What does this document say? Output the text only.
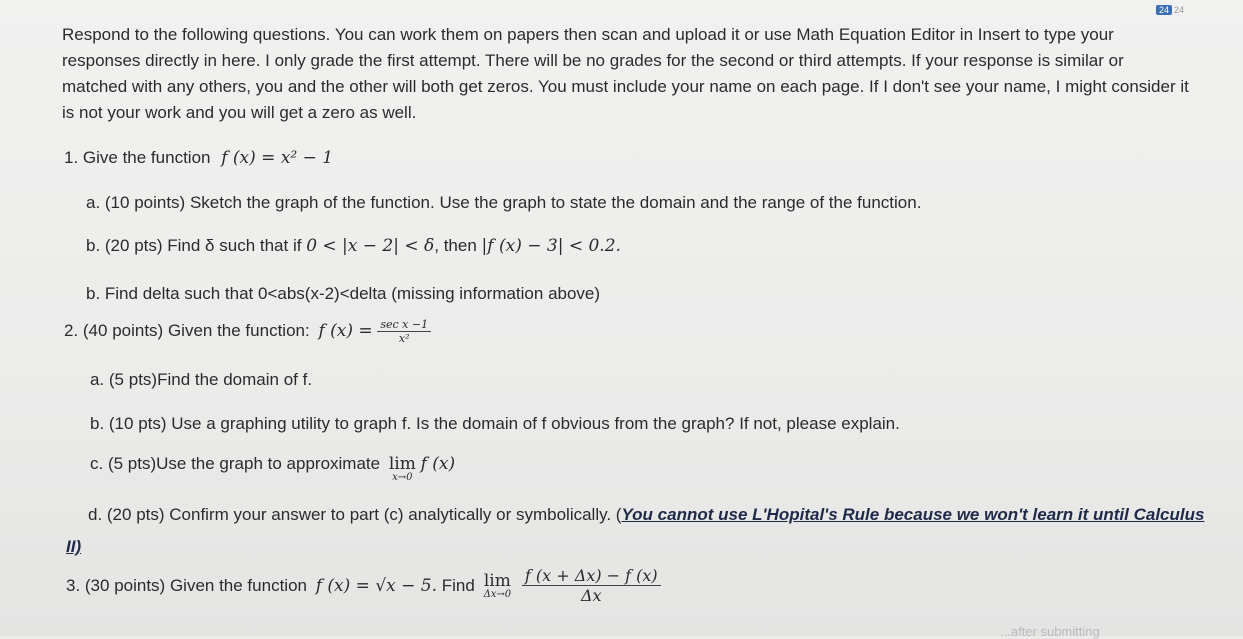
24 24
Respond to the following questions. You can work them on papers then scan and upload it or use Math Equation Editor in Insert to type your responses directly in here. I only grade the first attempt. There will be no grades for the second or third attempts. If your response is similar or matched with any others, you and the other will both get zeros. You must include your name on each page. If I don't see your name, I might consider it is not your work and you will get a zero as well.
1. Give the function f (x) = x² − 1
a. (10 points) Sketch the graph of the function. Use the graph to state the domain and the range of the function.
b. (20 pts) Find δ such that if 0 < |x − 2| < δ, then |f (x) − 3| < 0.2.
b. Find delta such that 0<abs(x-2)<delta (missing information above)
2. (40 points) Given the function: f $(x) = \frac{\text{sec x −1}}{\text{x²}}$
a. (5 pts)Find the domain of f.
b. (10 pts) Use a graphing utility to graph f. Is the domain of f obvious from the graph? If not, please explain.
c. (5 pts)Use the graph to approximate lim
x→0
f (x)
d. (20 pts) Confirm your answer to part (c) analytically or symbolically. (You cannot use L'Hopital's Rule because we won't learn it until Calculus
II)
3. (30 points) Given the function f (x) = √x − 5. Find lim
Δx→0
$\frac{f (x + \Delta x) - f (x)}{\Delta x}$
...after submitting
